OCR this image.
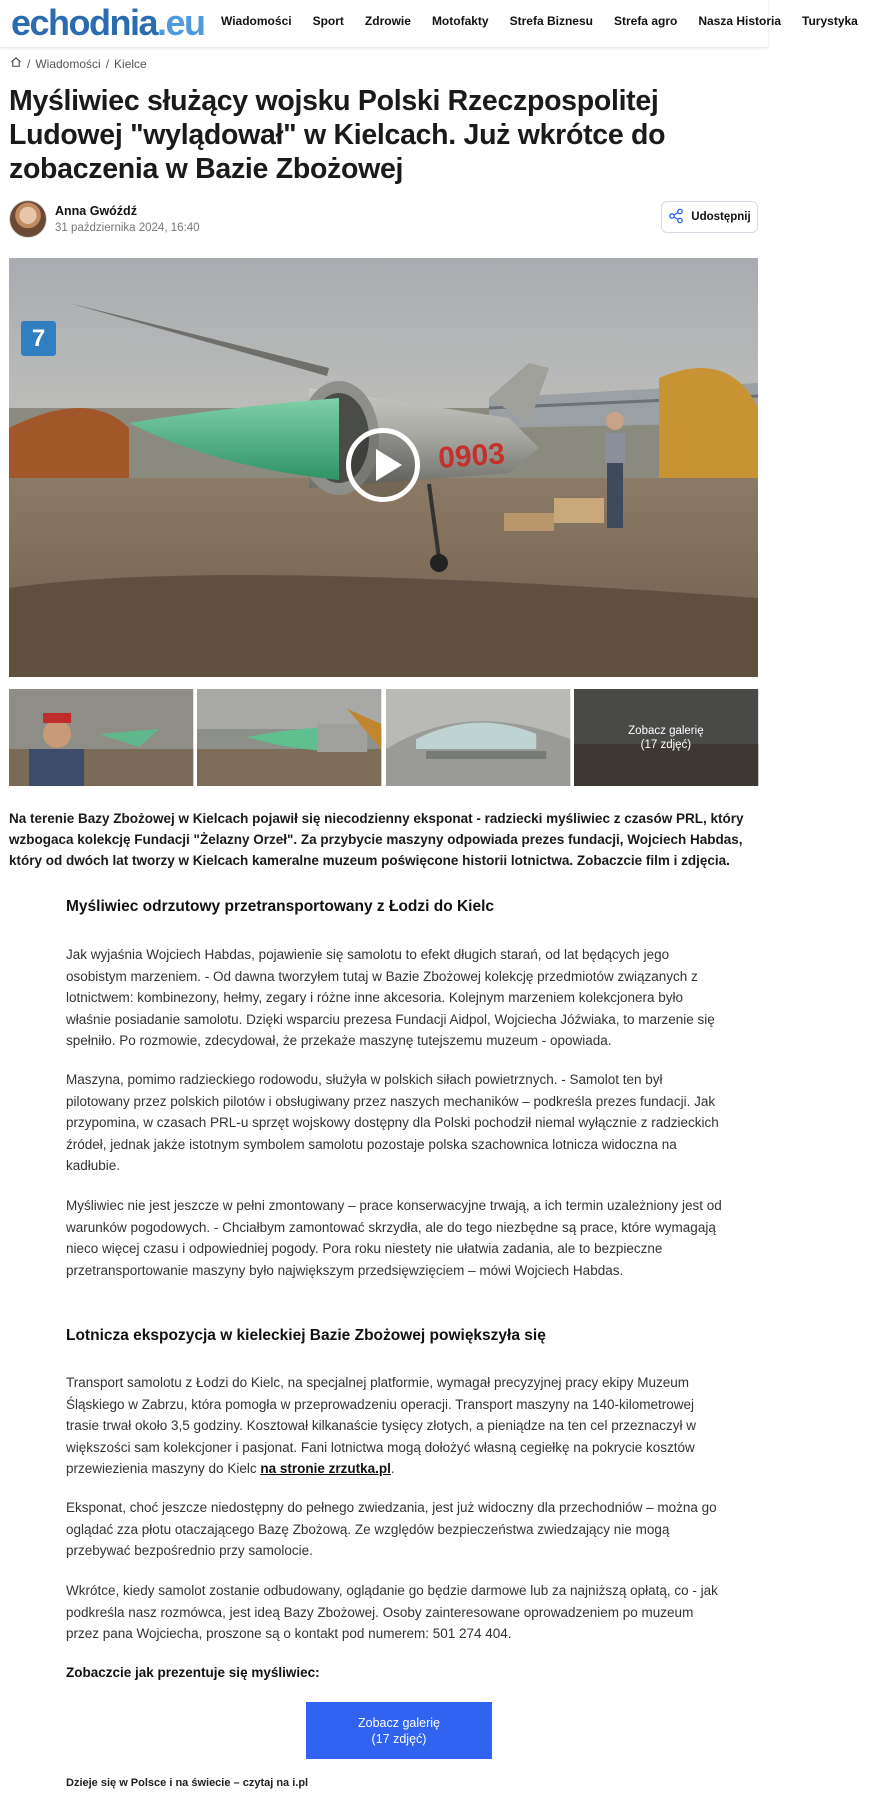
echodnia.eu Wiadomości Sport Zdrowie Motofakty Strefa Biznesu Strefa agro Nasza Historia Turystyka
/ Wiadomości / Kielce
Myśliwiec służący wojsku Polski Rzeczpospolitej Ludowej "wylądował" w Kielcach. Już wkrótce do zobaczenia w Bazie Zbożowej
Anna Gwóźdź
31 października 2024, 16:40
Udostępnij
0903
7
Zobacz galerię
(17 zdjęć)

Na terenie Bazy Zbożowej w Kielcach pojawił się niecodzienny eksponat - radziecki myśliwiec z czasów PRL, który wzbogaca kolekcję Fundacji "Żelazny Orzeł". Za przybycie maszyny odpowiada prezes fundacji, Wojciech Habdas, który od dwóch lat tworzy w Kielcach kameralne muzeum poświęcone historii lotnictwa. Zobaczcie film i zdjęcia.

Myśliwiec odrzutowy przetransportowany z Łodzi do Kielc

Jak wyjaśnia Wojciech Habdas, pojawienie się samolotu to efekt długich starań, od lat będących jego osobistym marzeniem. - Od dawna tworzyłem tutaj w Bazie Zbożowej kolekcję przedmiotów związanych z lotnictwem: kombinezony, hełmy, zegary i różne inne akcesoria. Kolejnym marzeniem kolekcjonera było właśnie posiadanie samolotu. Dzięki wsparciu prezesa Fundacji Aidpol, Wojciecha Jóźwiaka, to marzenie się spełniło. Po rozmowie, zdecydował, że przekaże maszynę tutejszemu muzeum - opowiada.

Maszyna, pomimo radzieckiego rodowodu, służyła w polskich siłach powietrznych. - Samolot ten był pilotowany przez polskich pilotów i obsługiwany przez naszych mechaników – podkreśla prezes fundacji. Jak przypomina, w czasach PRL-u sprzęt wojskowy dostępny dla Polski pochodził niemal wyłącznie z radzieckich źródeł, jednak jakże istotnym symbolem samolotu pozostaje polska szachownica lotnicza widoczna na kadłubie.

Myśliwiec nie jest jeszcze w pełni zmontowany – prace konserwacyjne trwają, a ich termin uzależniony jest od warunków pogodowych. - Chciałbym zamontować skrzydła, ale do tego niezbędne są prace, które wymagają nieco więcej czasu i odpowiedniej pogody. Pora roku niestety nie ułatwia zadania, ale to bezpieczne przetransportowanie maszyny było największym przedsięwzięciem – mówi Wojciech Habdas.

Lotnicza ekspozycja w kieleckiej Bazie Zbożowej powiększyła się

Transport samolotu z Łodzi do Kielc, na specjalnej platformie, wymagał precyzyjnej pracy ekipy Muzeum Śląskiego w Zabrzu, która pomogła w przeprowadzeniu operacji. Transport maszyny na 140-kilometrowej trasie trwał około 3,5 godziny. Kosztował kilkanaście tysięcy złotych, a pieniądze na ten cel przeznaczył w większości sam kolekcjoner i pasjonat. Fani lotnictwa mogą dołożyć własną cegiełkę na pokrycie kosztów przewiezienia maszyny do Kielc na stronie zrzutka.pl.

Eksponat, choć jeszcze niedostępny do pełnego zwiedzania, jest już widoczny dla przechodniów – można go oglądać zza płotu otaczającego Bazę Zbożową. Ze względów bezpieczeństwa zwiedzający nie mogą przebywać bezpośrednio przy samolocie.

Wkrótce, kiedy samolot zostanie odbudowany, oglądanie go będzie darmowe lub za najniższą opłatą, co - jak podkreśla nasz rozmówca, jest ideą Bazy Zbożowej. Osoby zainteresowane oprowadzeniem po muzeum przez pana Wojciecha, proszone są o kontakt pod numerem: 501 274 404.

Zobaczcie jak prezentuje się myśliwiec:

Zobacz galerię
(17 zdjęć)
Dzieje się w Polsce i na świecie – czytaj na i.pl
